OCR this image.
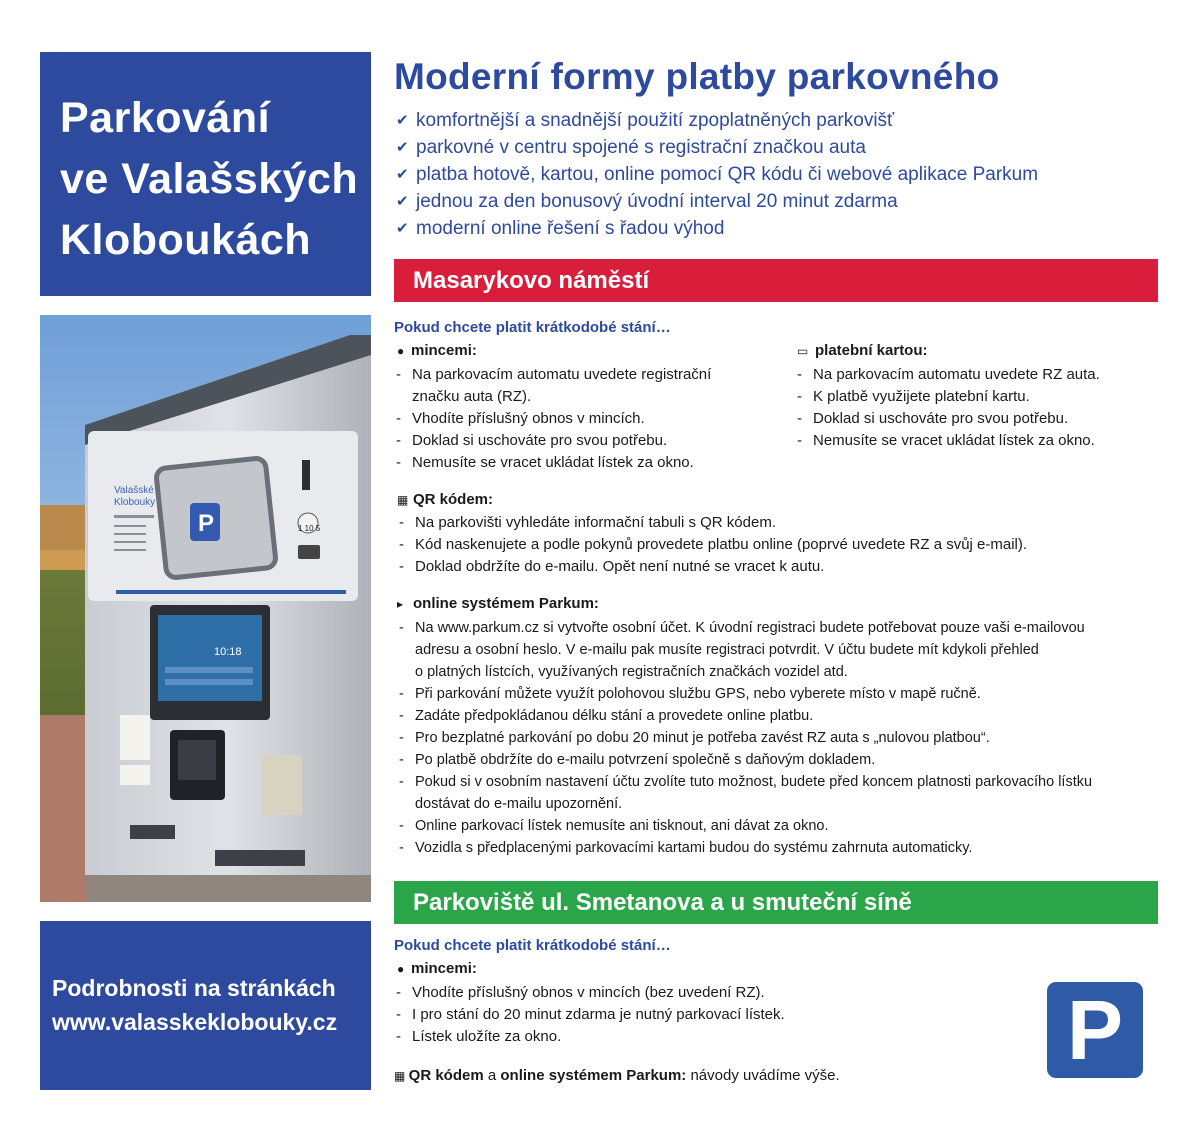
Parkování
ve Valašských
Kloboukách
P
Valašské
Klobouky
1 10 5
10:18
Podrobnosti na stránkách
www.valasskeklobouky.cz
Moderní formy platby parkovného
✔ komfortnější a snadnější použití zpoplatněných parkovišť
✔ parkovné v centru spojené s registrační značkou auta
✔ platba hotově, kartou, online pomocí QR kódu či webové aplikace Parkum
✔ jednou za den bonusový úvodní interval 20 minut zdarma
✔ moderní online řešení s řadou výhod
Masarykovo náměstí
Pokud chcete platit krátkodobé stání…
● mincemi:
- Na parkovacím automatu uvedete registrační
značku auta (RZ).
- Vhodíte příslušný obnos v mincích.
- Doklad si uschováte pro svou potřebu.
- Nemusíte se vracet ukládat lístek za okno.
▭ platební kartou:
- Na parkovacím automatu uvedete RZ auta.
- K platbě využijete platební kartu.
- Doklad si uschováte pro svou potřebu.
- Nemusíte se vracet ukládat lístek za okno.
▦ QR kódem:
- Na parkovišti vyhledáte informační tabuli s QR kódem.
- Kód naskenujete a podle pokynů provedete platbu online (poprvé uvedete RZ a svůj e-mail).
- Doklad obdržíte do e-mailu. Opět není nutné se vracet k autu.
▸ online systémem Parkum:
- Na www.parkum.cz si vytvořte osobní účet. K úvodní registraci budete potřebovat pouze vaši e-mailovou
adresu a osobní heslo. V e-mailu pak musíte registraci potvrdit. V účtu budete mít kdykoli přehled
o platných lístcích, využívaných registračních značkách vozidel atd.
- Při parkování můžete využít polohovou službu GPS, nebo vyberete místo v mapě ručně.
- Zadáte předpokládanou délku stání a provedete online platbu.
- Pro bezplatné parkování po dobu 20 minut je potřeba zavést RZ auta s „nulovou platbou“.
- Po platbě obdržíte do e-mailu potvrzení společně s daňovým dokladem.
- Pokud si v osobním nastavení účtu zvolíte tuto možnost, budete před koncem platnosti parkovacího lístku
dostávat do e-mailu upozornění.
- Online parkovací lístek nemusíte ani tisknout, ani dávat za okno.
- Vozidla s předplacenými parkovacími kartami budou do systému zahrnuta automaticky.
Parkoviště ul. Smetanova a u smuteční síně
Pokud chcete platit krátkodobé stání…
● mincemi:
- Vhodíte příslušný obnos v mincích (bez uvedení RZ).
- I pro stání do 20 minut zdarma je nutný parkovací lístek.
- Lístek uložíte za okno.
▦ QR kódem a online systémem Parkum: návody uvádíme výše.	P
